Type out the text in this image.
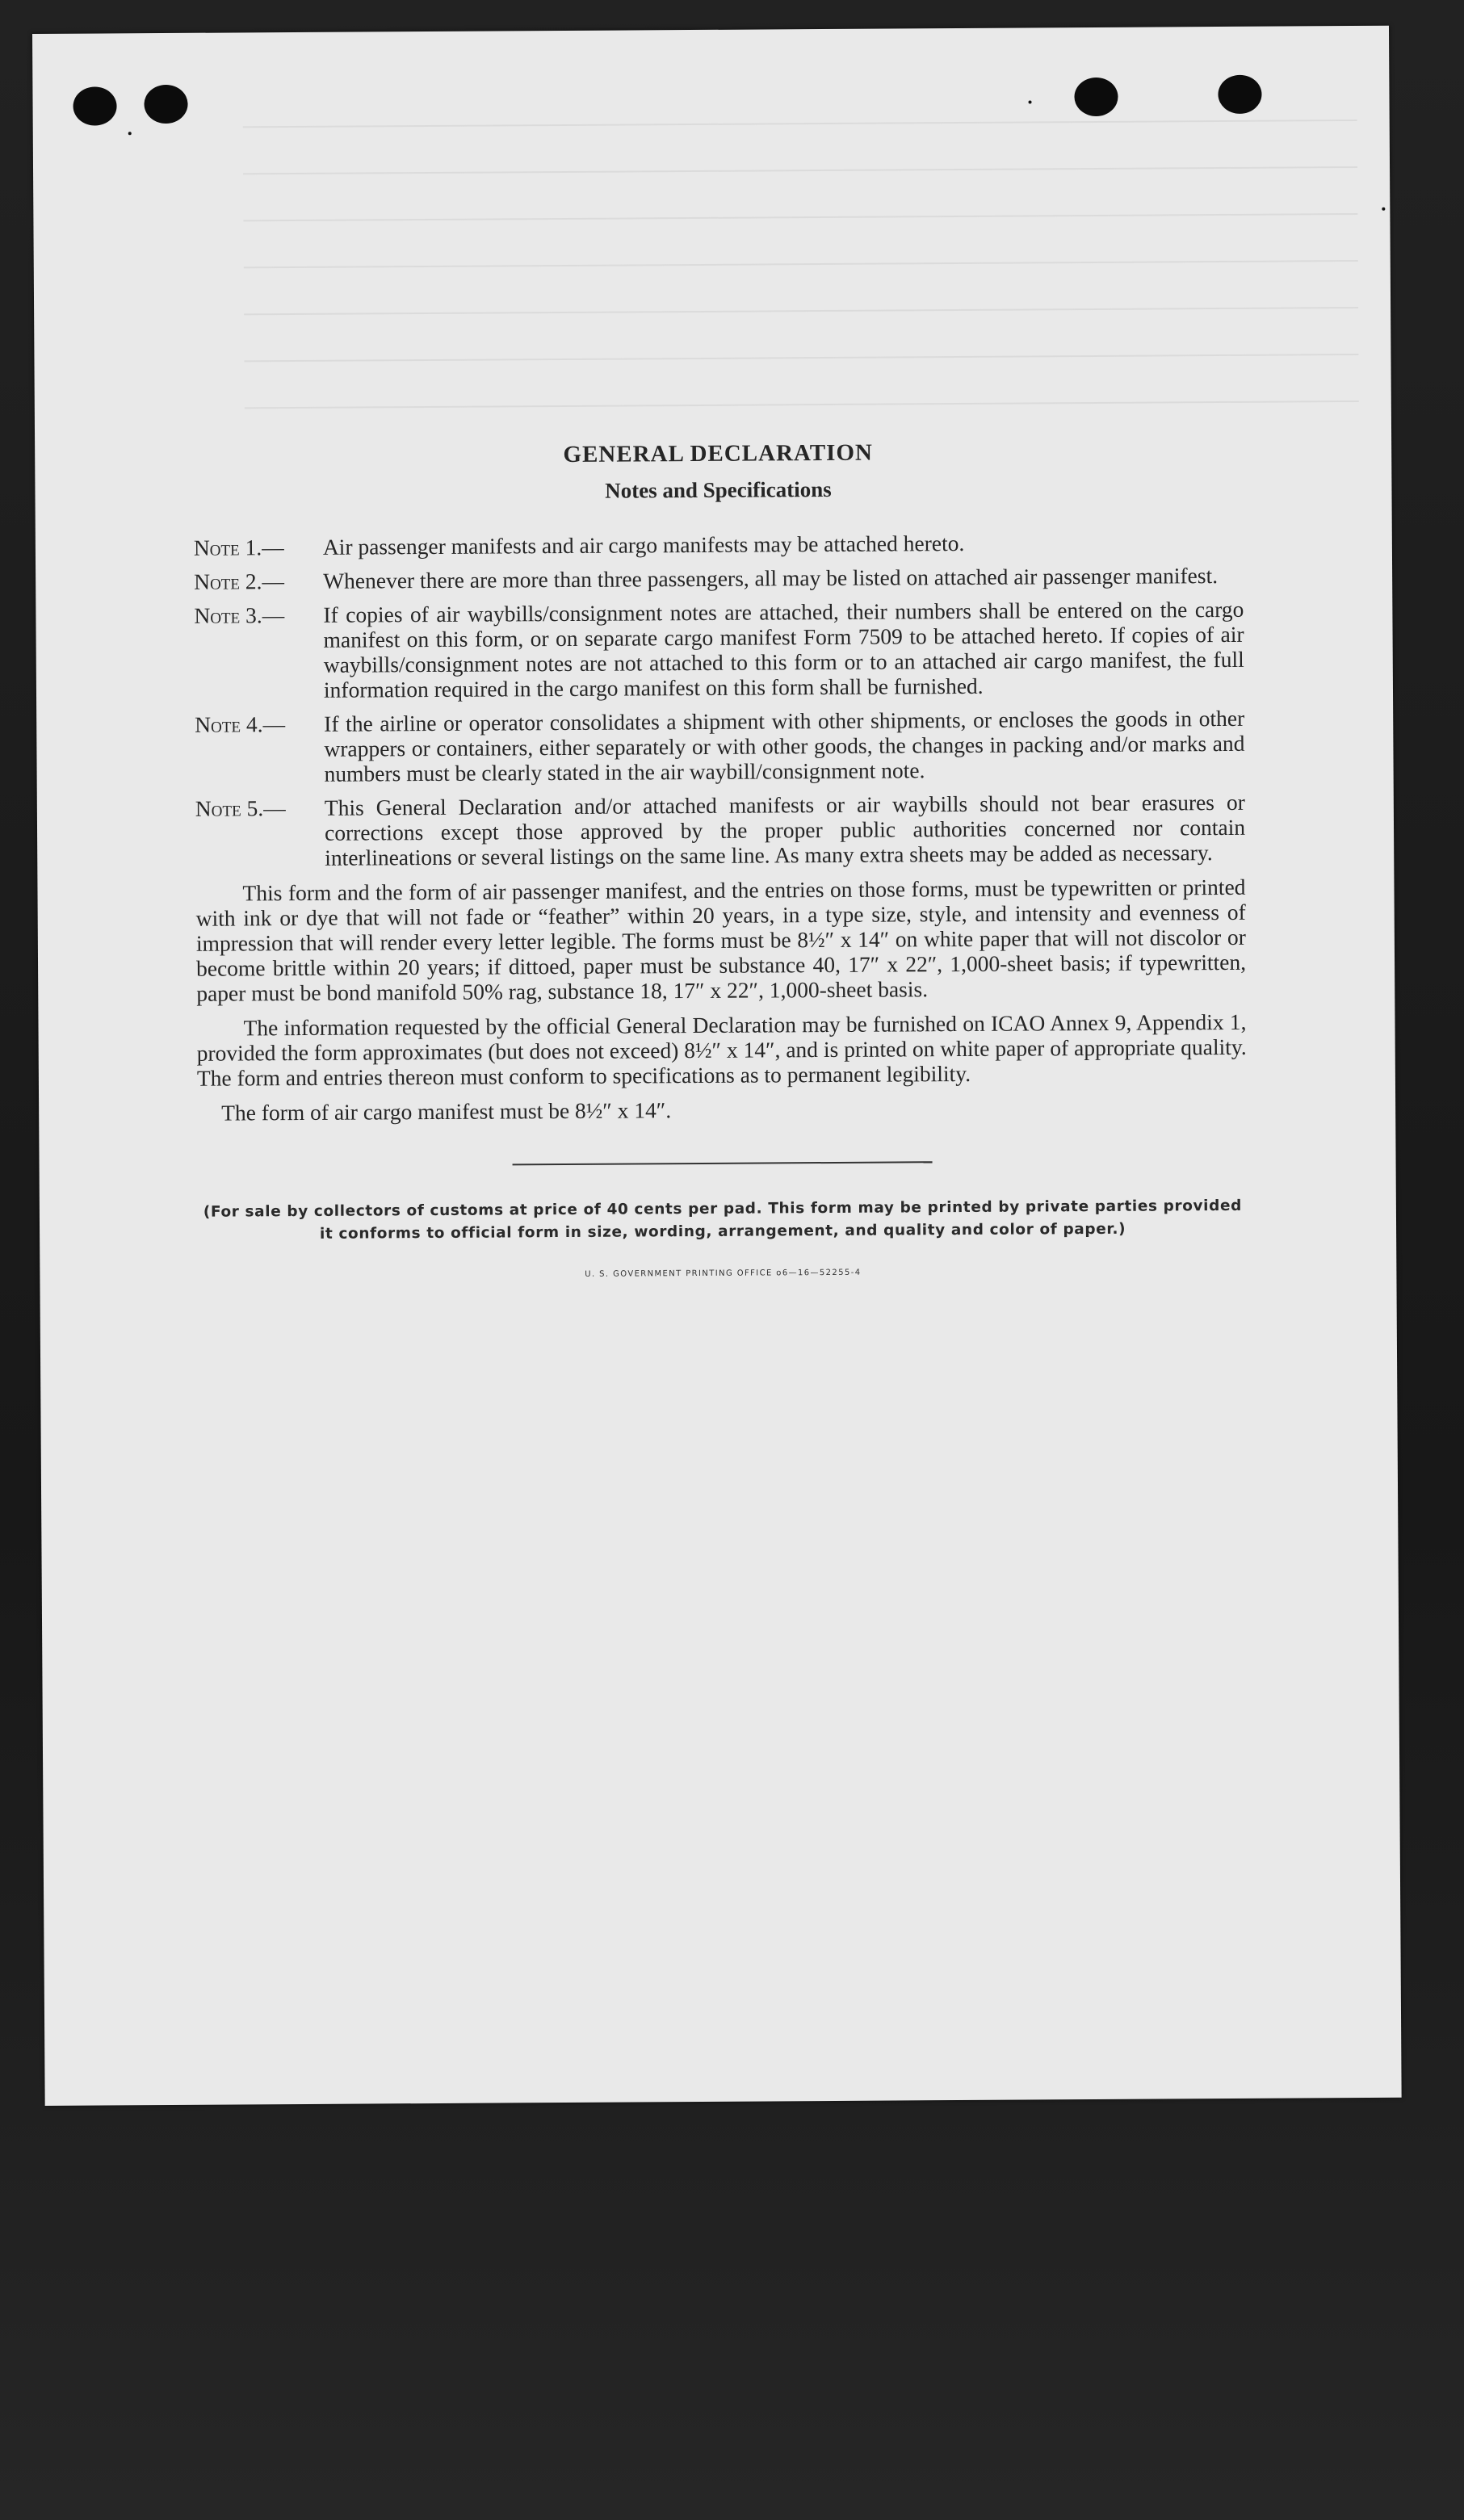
GENERAL DECLARATION
Notes and Specifications
Note 1.—	Air passenger manifests and air cargo manifests may be attached hereto.
Note 2.—	Whenever there are more than three passengers, all may be listed on attached air passenger manifest.
Note 3.—	If copies of air waybills/consignment notes are attached, their numbers shall be entered on the cargo manifest on this form, or on separate cargo manifest Form 7509 to be attached hereto. If copies of air waybills/consignment notes are not attached to this form or to an attached air cargo manifest, the full information required in the cargo manifest on this form shall be furnished.
Note 4.—	If the airline or operator consolidates a shipment with other shipments, or encloses the goods in other wrappers or containers, either separately or with other goods, the changes in packing and/or marks and numbers must be clearly stated in the air waybill/consignment note.
Note 5.—	This General Declaration and/or attached manifests or air waybills should not bear erasures or corrections except those approved by the proper public authorities concerned nor contain interlineations or several listings on the same line. As many extra sheets may be added as necessary.

This form and the form of air passenger manifest, and the entries on those forms, must be typewritten or printed with ink or dye that will not fade or “feather” within 20 years, in a type size, style, and intensity and evenness of impression that will render every letter legible. The forms must be 8½″ x 14″ on white paper that will not discolor or become brittle within 20 years; if dittoed, paper must be substance 40, 17″ x 22″, 1,000-sheet basis; if typewritten, paper must be bond manifold 50% rag, substance 18, 17″ x 22″, 1,000-sheet basis.

The information requested by the official General Declaration may be furnished on ICAO Annex 9, Appendix 1, provided the form approximates (but does not exceed) 8½″ x 14″, and is printed on white paper of appropriate quality. The form and entries thereon must conform to specifications as to permanent legibility.

The form of air cargo manifest must be 8½″ x 14″.

(For sale by collectors of customs at price of 40 cents per pad. This form may be printed by private parties provided it conforms to official form in size, wording, arrangement, and quality and color of paper.)
U. S. GOVERNMENT PRINTING OFFICE o6—16—52255-4
